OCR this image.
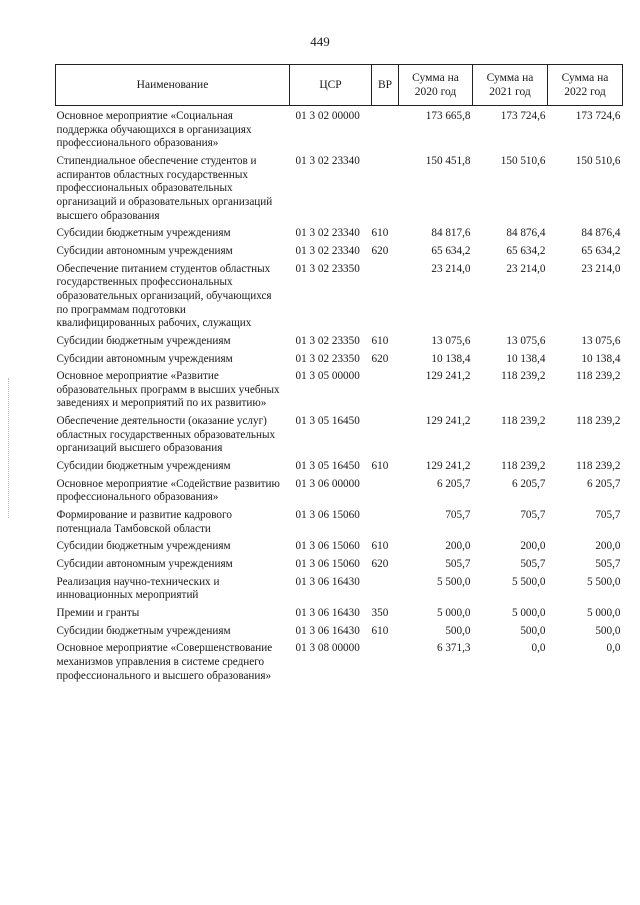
449
Наименование	ЦСР	ВР	Сумма на 2020 год	Сумма на 2021 год	Сумма на 2022 год
Основное мероприятие «Социальная поддержка обучающихся в организациях профессионального образования»	01 3 02 00000		173 665,8	173 724,6	173 724,6
Стипендиальное обеспечение студентов и аспирантов областных государственных профессиональных образовательных организаций и образовательных организаций высшего образования	01 3 02 23340		150 451,8	150 510,6	150 510,6
Субсидии бюджетным учреждениям	01 3 02 23340	610	84 817,6	84 876,4	84 876,4
Субсидии автономным учреждениям	01 3 02 23340	620	65 634,2	65 634,2	65 634,2
Обеспечение питанием студентов областных государственных профессиональных образовательных организаций, обучающихся по программам подготовки квалифицированных рабочих, служащих	01 3 02 23350		23 214,0	23 214,0	23 214,0
Субсидии бюджетным учреждениям	01 3 02 23350	610	13 075,6	13 075,6	13 075,6
Субсидии автономным учреждениям	01 3 02 23350	620	10 138,4	10 138,4	10 138,4
Основное мероприятие «Развитие образовательных программ в высших учебных заведениях и мероприятий по их развитию»	01 3 05 00000		129 241,2	118 239,2	118 239,2
Обеспечение деятельности (оказание услуг) областных государственных образовательных организаций высшего образования	01 3 05 16450		129 241,2	118 239,2	118 239,2
Субсидии бюджетным учреждениям	01 3 05 16450	610	129 241,2	118 239,2	118 239,2
Основное мероприятие «Содействие развитию профессионального образования»	01 3 06 00000		6 205,7	6 205,7	6 205,7
Формирование и развитие кадрового потенциала Тамбовской области	01 3 06 15060		705,7	705,7	705,7
Субсидии бюджетным учреждениям	01 3 06 15060	610	200,0	200,0	200,0
Субсидии автономным учреждениям	01 3 06 15060	620	505,7	505,7	505,7
Реализация научно-технических и инновационных мероприятий	01 3 06 16430		5 500,0	5 500,0	5 500,0
Премии и гранты	01 3 06 16430	350	5 000,0	5 000,0	5 000,0
Субсидии бюджетным учреждениям	01 3 06 16430	610	500,0	500,0	500,0
Основное мероприятие «Совершенствование механизмов управления в системе среднего профессионального и высшего образования»	01 3 08 00000		6 371,3	0,0	0,0
